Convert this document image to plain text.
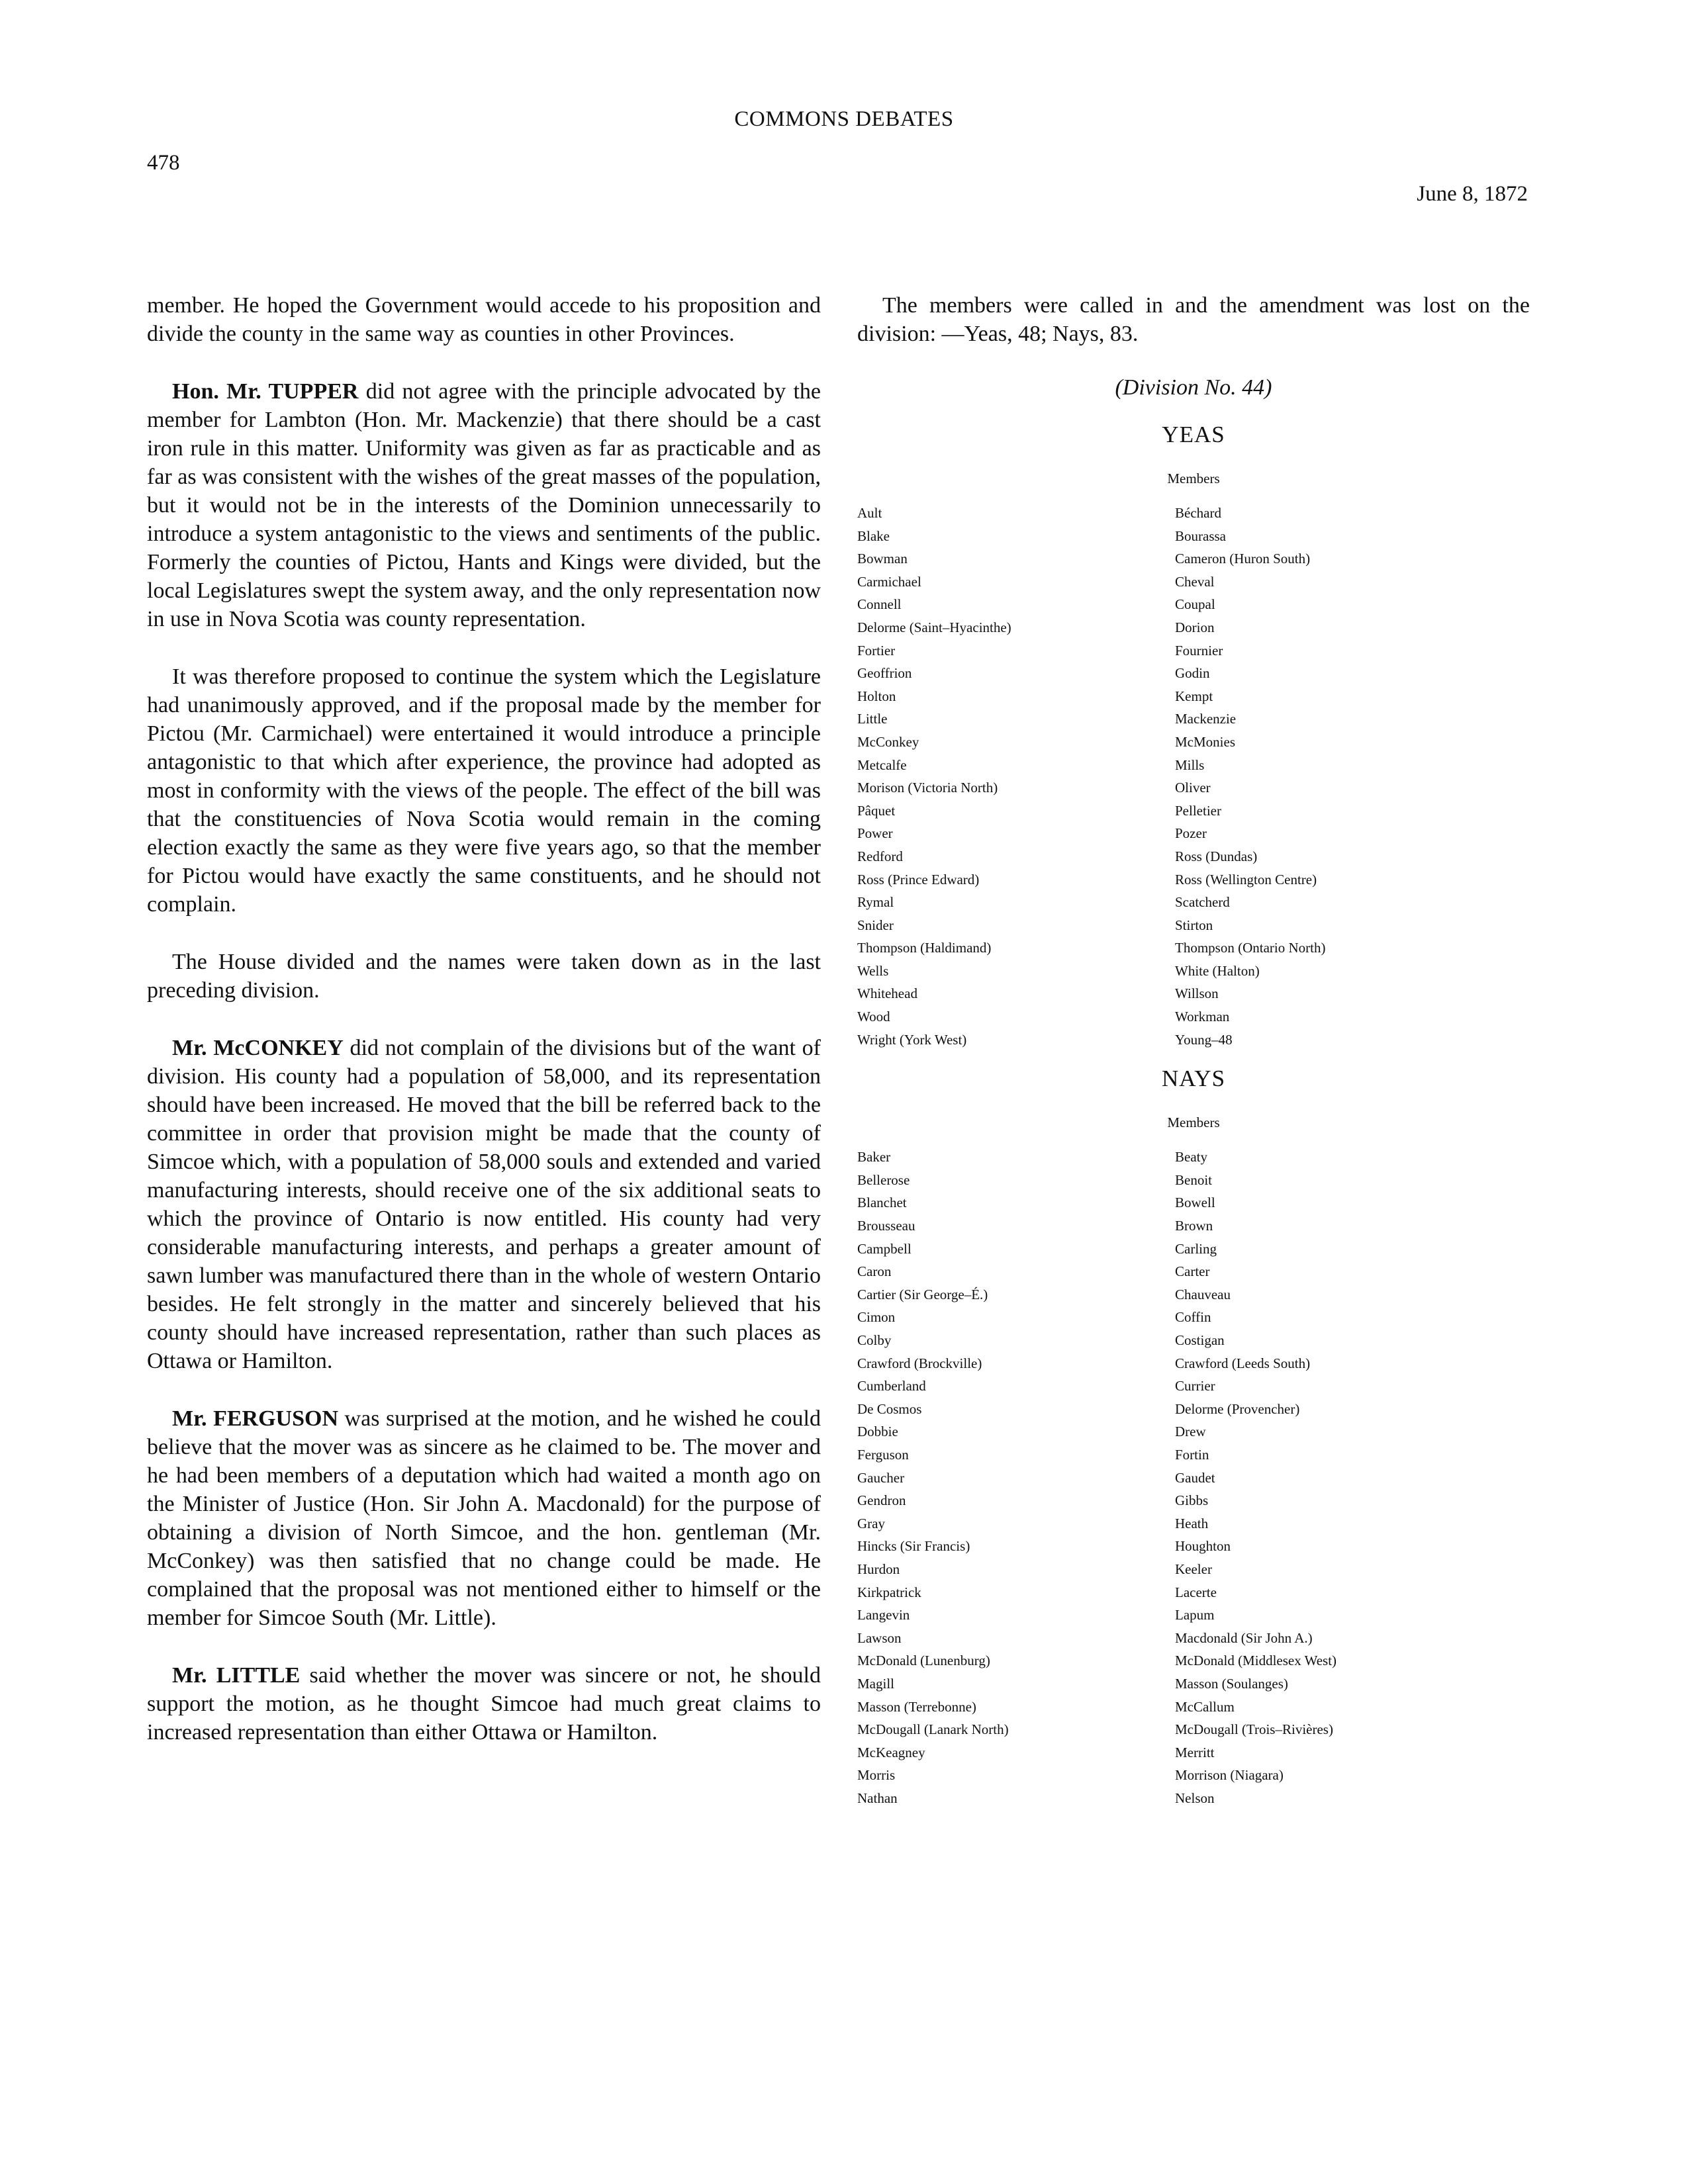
COMMONS DEBATES
478
June 8, 1872

member. He hoped the Government would accede to his proposition and divide the county in the same way as counties in other Provinces.

Hon. Mr. TUPPER did not agree with the principle advocated by the member for Lambton (Hon. Mr. Mackenzie) that there should be a cast iron rule in this matter. Uniformity was given as far as practicable and as far as was consistent with the wishes of the great masses of the population, but it would not be in the interests of the Dominion unnecessarily to introduce a system antagonistic to the views and sentiments of the public. Formerly the counties of Pictou, Hants and Kings were divided, but the local Legislatures swept the system away, and the only representation now in use in Nova Scotia was county representation.

It was therefore proposed to continue the system which the Legislature had unanimously approved, and if the proposal made by the member for Pictou (Mr. Carmichael) were entertained it would introduce a principle antagonistic to that which after experience, the province had adopted as most in conformity with the views of the people. The effect of the bill was that the constituencies of Nova Scotia would remain in the coming election exactly the same as they were five years ago, so that the member for Pictou would have exactly the same constituents, and he should not complain.

The House divided and the names were taken down as in the last preceding division.

Mr. McCONKEY did not complain of the divisions but of the want of division. His county had a population of 58,000, and its representation should have been increased. He moved that the bill be referred back to the committee in order that provision might be made that the county of Simcoe which, with a population of 58,000 souls and extended and varied manufacturing interests, should receive one of the six additional seats to which the province of Ontario is now entitled. His county had very considerable manufacturing interests, and perhaps a greater amount of sawn lumber was manufactured there than in the whole of western Ontario besides. He felt strongly in the matter and sincerely believed that his county should have increased representation, rather than such places as Ottawa or Hamilton.

Mr. FERGUSON was surprised at the motion, and he wished he could believe that the mover was as sincere as he claimed to be. The mover and he had been members of a deputation which had waited a month ago on the Minister of Justice (Hon. Sir John A. Macdonald) for the purpose of obtaining a division of North Simcoe, and the hon. gentleman (Mr. McConkey) was then satisfied that no change could be made. He complained that the proposal was not mentioned either to himself or the member for Simcoe South (Mr. Little).

Mr. LITTLE said whether the mover was sincere or not, he should support the motion, as he thought Simcoe had much great claims to increased representation than either Ottawa or Hamilton.

The members were called in and the amendment was lost on the division: —Yeas, 48; Nays, 83.

(Division No. 44)

YEAS
Members
Ault	Béchard
Blake	Bourassa
Bowman	Cameron (Huron South)
Carmichael	Cheval
Connell	Coupal
Delorme (Saint–Hyacinthe)	Dorion
Fortier	Fournier
Geoffrion	Godin
Holton	Kempt
Little	Mackenzie
McConkey	McMonies
Metcalfe	Mills
Morison (Victoria North)	Oliver
Pâquet	Pelletier
Power	Pozer
Redford	Ross (Dundas)
Ross (Prince Edward)	Ross (Wellington Centre)
Rymal	Scatcherd
Snider	Stirton
Thompson (Haldimand)	Thompson (Ontario North)
Wells	White (Halton)
Whitehead	Willson
Wood	Workman
Wright (York West)	Young–48
NAYS
Members
Baker	Beaty
Bellerose	Benoit
Blanchet	Bowell
Brousseau	Brown
Campbell	Carling
Caron	Carter
Cartier (Sir George–É.)	Chauveau
Cimon	Coffin
Colby	Costigan
Crawford (Brockville)	Crawford (Leeds South)
Cumberland	Currier
De Cosmos	Delorme (Provencher)
Dobbie	Drew
Ferguson	Fortin
Gaucher	Gaudet
Gendron	Gibbs
Gray	Heath
Hincks (Sir Francis)	Houghton
Hurdon	Keeler
Kirkpatrick	Lacerte
Langevin	Lapum
Lawson	Macdonald (Sir John A.)
McDonald (Lunenburg)	McDonald (Middlesex West)
Magill	Masson (Soulanges)
Masson (Terrebonne)	McCallum
McDougall (Lanark North)	McDougall (Trois–Rivières)
McKeagney	Merritt
Morris	Morrison (Niagara)
Nathan	Nelson
